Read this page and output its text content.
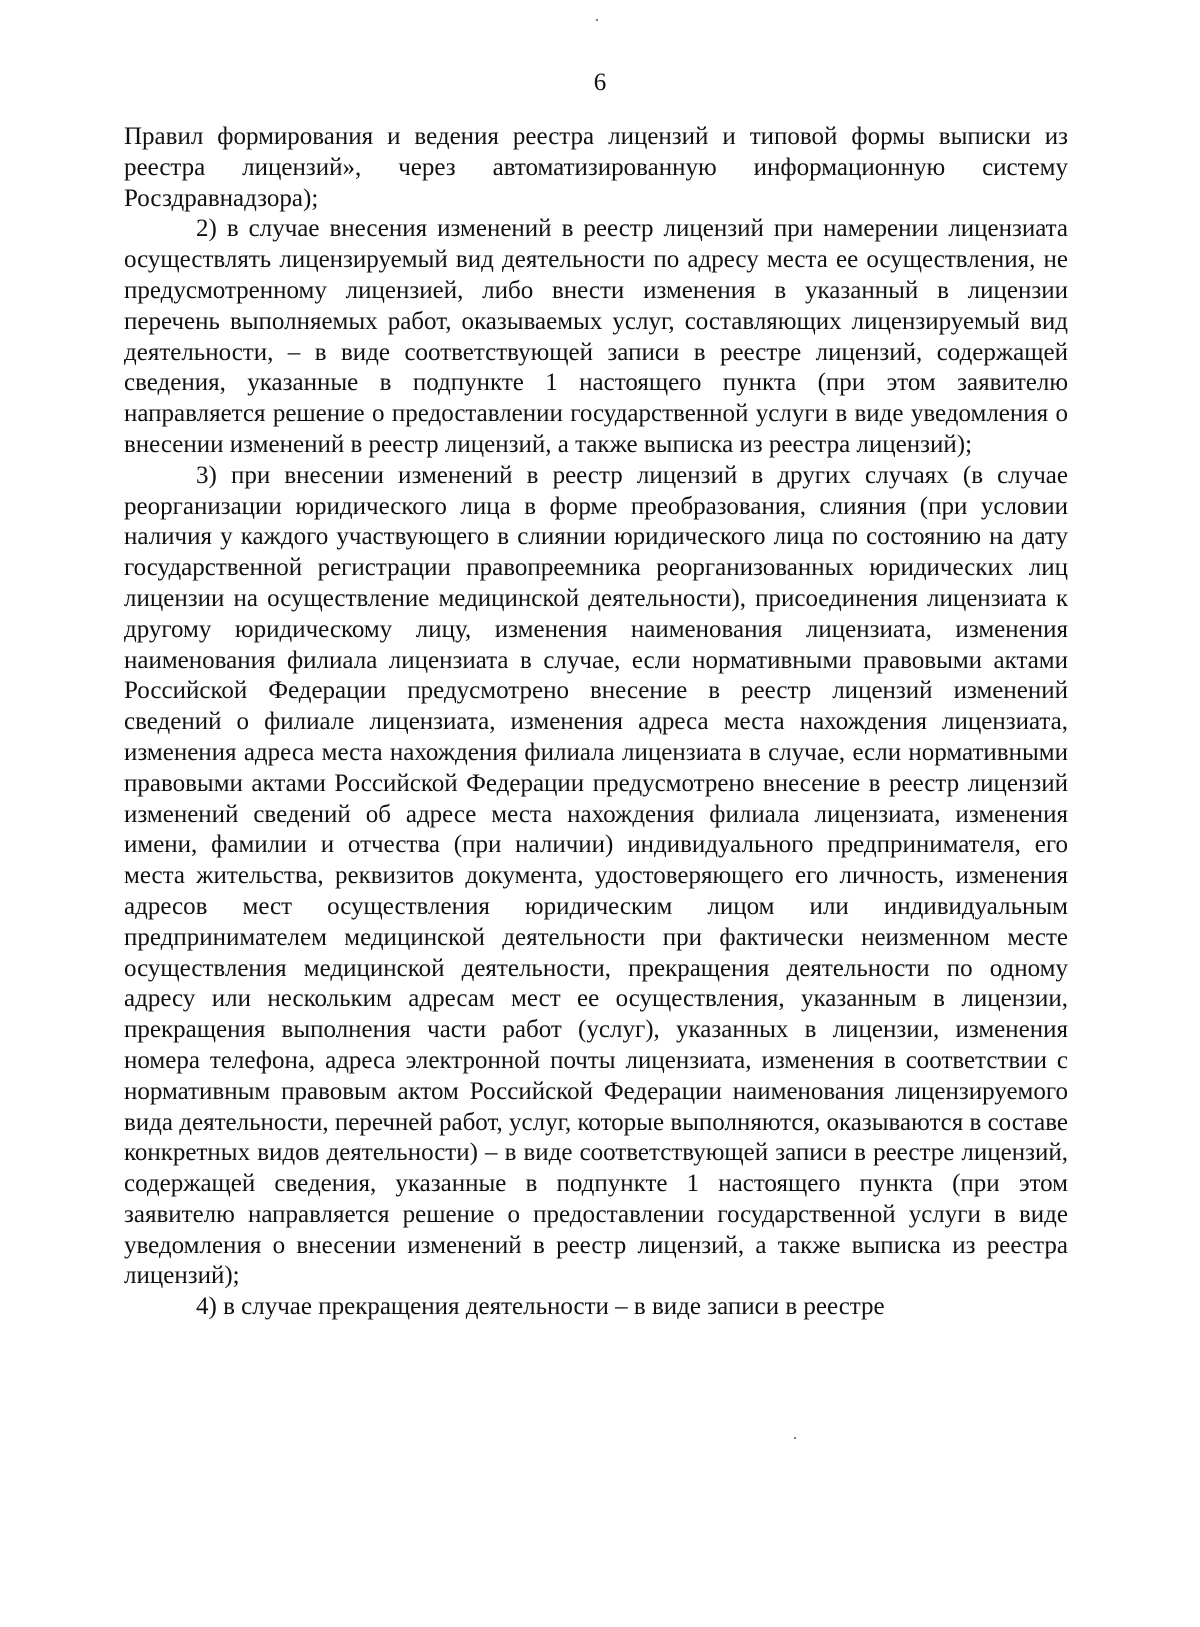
6

Правил формирования и ведения реестра лицензий и типовой формы выписки из реестра лицензий», через автоматизированную информационную систему Росздравнадзора);

2) в случае внесения изменений в реестр лицензий при намерении лицензиата осуществлять лицензируемый вид деятельности по адресу места ее осуществления, не предусмотренному лицензией, либо внести изменения в указанный в лицензии перечень выполняемых работ, оказываемых услуг, составляющих лицензируемый вид деятельности, – в виде соответствующей записи в реестре лицензий, содержащей сведения, указанные в подпункте 1 настоящего пункта (при этом заявителю направляется решение о предоставлении государственной услуги в виде уведомления о внесении изменений в реестр лицензий, а также выписка из реестра лицензий);

3) при внесении изменений в реестр лицензий в других случаях (в случае реорганизации юридического лица в форме преобразования, слияния (при условии наличия у каждого участвующего в слиянии юридического лица по состоянию на дату государственной регистрации правопреемника реорганизованных юридических лиц лицензии на осуществление медицинской деятельности), присоединения лицензиата к другому юридическому лицу, изменения наименования лицензиата, изменения наименования филиала лицензиата в случае, если нормативными правовыми актами Российской Федерации предусмотрено внесение в реестр лицензий изменений сведений о филиале лицензиата, изменения адреса места нахождения лицензиата, изменения адреса места нахождения филиала лицензиата в случае, если нормативными правовыми актами Российской Федерации предусмотрено внесение в реестр лицензий изменений сведений об адресе места нахождения филиала лицензиата, изменения имени, фамилии и отчества (при наличии) индивидуального предпринимателя, его места жительства, реквизитов документа, удостоверяющего его личность, изменения адресов мест осуществления юридическим лицом или индивидуальным предпринимателем медицинской деятельности при фактически неизменном месте осуществления медицинской деятельности, прекращения деятельности по одному адресу или нескольким адресам мест ее осуществления, указанным в лицензии, прекращения выполнения части работ (услуг), указанных в лицензии, изменения номера телефона, адреса электронной почты лицензиата, изменения в соответствии с нормативным правовым актом Российской Федерации наименования лицензируемого вида деятельности, перечней работ, услуг, которые выполняются, оказываются в составе конкретных видов деятельности) – в виде соответствующей записи в реестре лицензий, содержащей сведения, указанные в подпункте 1 настоящего пункта (при этом заявителю направляется решение о предоставлении государственной услуги в виде уведомления о внесении изменений в реестр лицензий, а также выписка из реестра лицензий);

4) в случае прекращения деятельности – в виде записи в реестре
